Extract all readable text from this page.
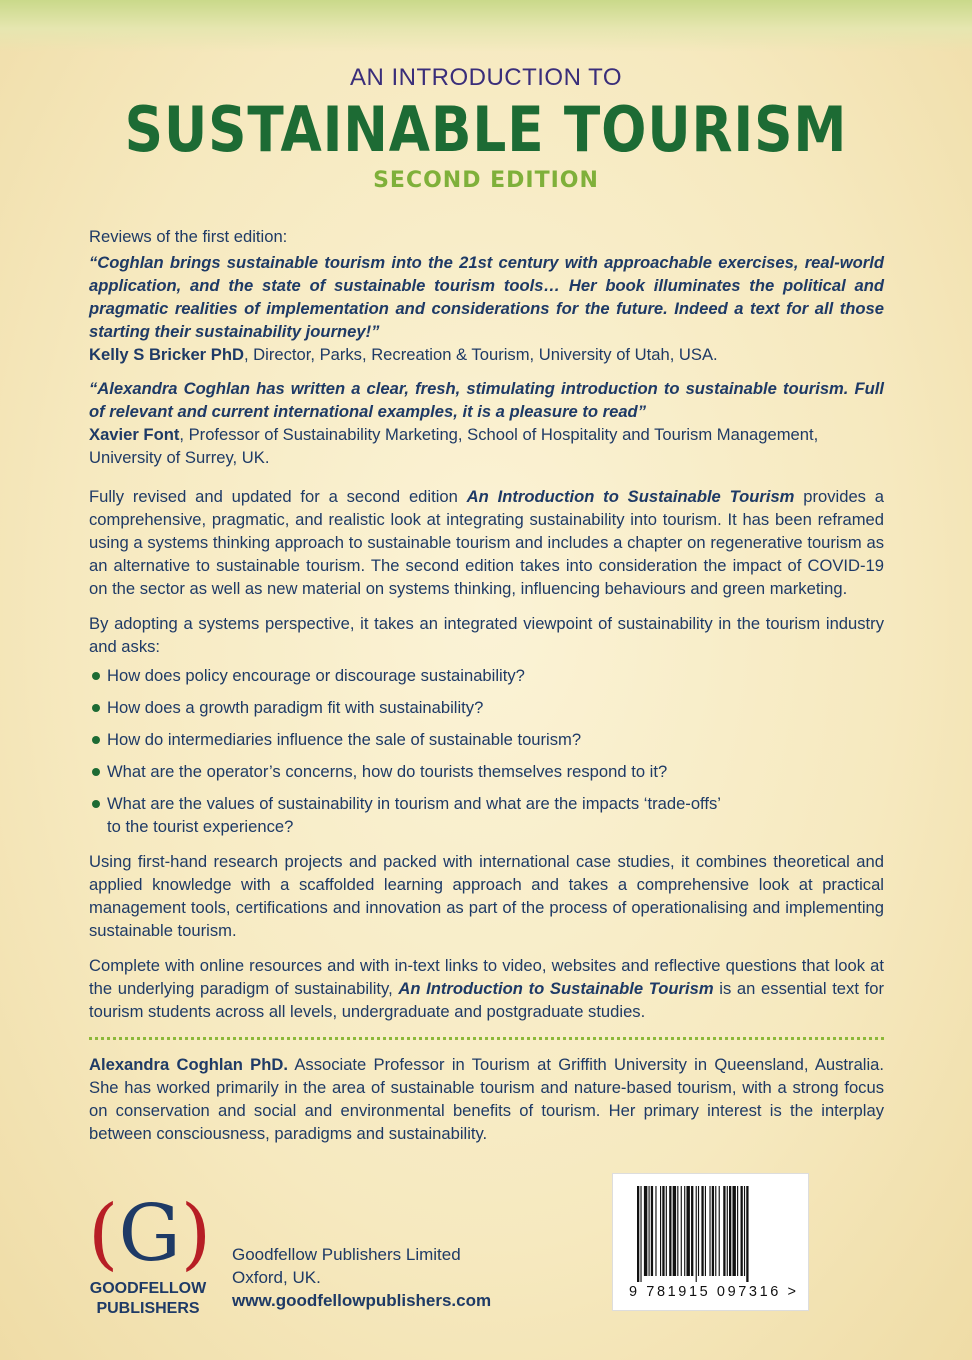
AN INTRODUCTION TO
SUSTAINABLE TOURISM
SECOND EDITION

Reviews of the first edition:

“Coghlan brings sustainable tourism into the 21st century with approachable exercises, real-world application, and the state of sustainable tourism tools… Her book illuminates the political and pragmatic realities of implementation and considerations for the future. Indeed a text for all those starting their sustainability journey!”

Kelly S Bricker PhD, Director, Parks, Recreation & Tourism, University of Utah, USA.

“Alexandra Coghlan has written a clear, fresh, stimulating introduction to sustainable tourism. Full of relevant and current international examples, it is a pleasure to read”

Xavier Font, Professor of Sustainability Marketing, School of Hospitality and Tourism Management, University of Surrey, UK.

Fully revised and updated for a second edition An Introduction to Sustainable Tourism provides a comprehensive, pragmatic, and realistic look at integrating sustainability into tourism. It has been reframed using a systems thinking approach to sustainable tourism and includes a chapter on regenerative tourism as an alternative to sustainable tourism. The second edition takes into consideration the impact of COVID-19 on the sector as well as new material on systems thinking, influencing behaviours and green marketing.

By adopting a systems perspective, it takes an integrated viewpoint of sustainability in the tourism industry and asks:

How does policy encourage or discourage sustainability?
How does a growth paradigm fit with sustainability?
How do intermediaries influence the sale of sustainable tourism?
What are the operator’s concerns, how do tourists themselves respond to it?
What are the values of sustainability in tourism and what are the impacts ‘trade-offs’ to the tourist experience?

Using first-hand research projects and packed with international case studies, it combines theoretical and applied knowledge with a scaffolded learning approach and takes a comprehensive look at practical management tools, certifications and innovation as part of the process of operationalising and implementing sustainable tourism.

Complete with online resources and with in-text links to video, websites and reflective questions that look at the underlying paradigm of sustainability, An Introduction to Sustainable Tourism is an essential text for tourism students across all levels, undergraduate and postgraduate studies.

Alexandra Coghlan PhD. Associate Professor in Tourism at Griffith University in Queensland, Australia. She has worked primarily in the area of sustainable tourism and nature-based tourism, with a strong focus on conservation and social and environmental benefits of tourism. Her primary interest is the interplay between consciousness, paradigms and sustainability.

(G)
GOODFELLOW
PUBLISHERS
Goodfellow Publishers Limited
Oxford, UK.
www.goodfellowpublishers.com	9 781915 097316 >
